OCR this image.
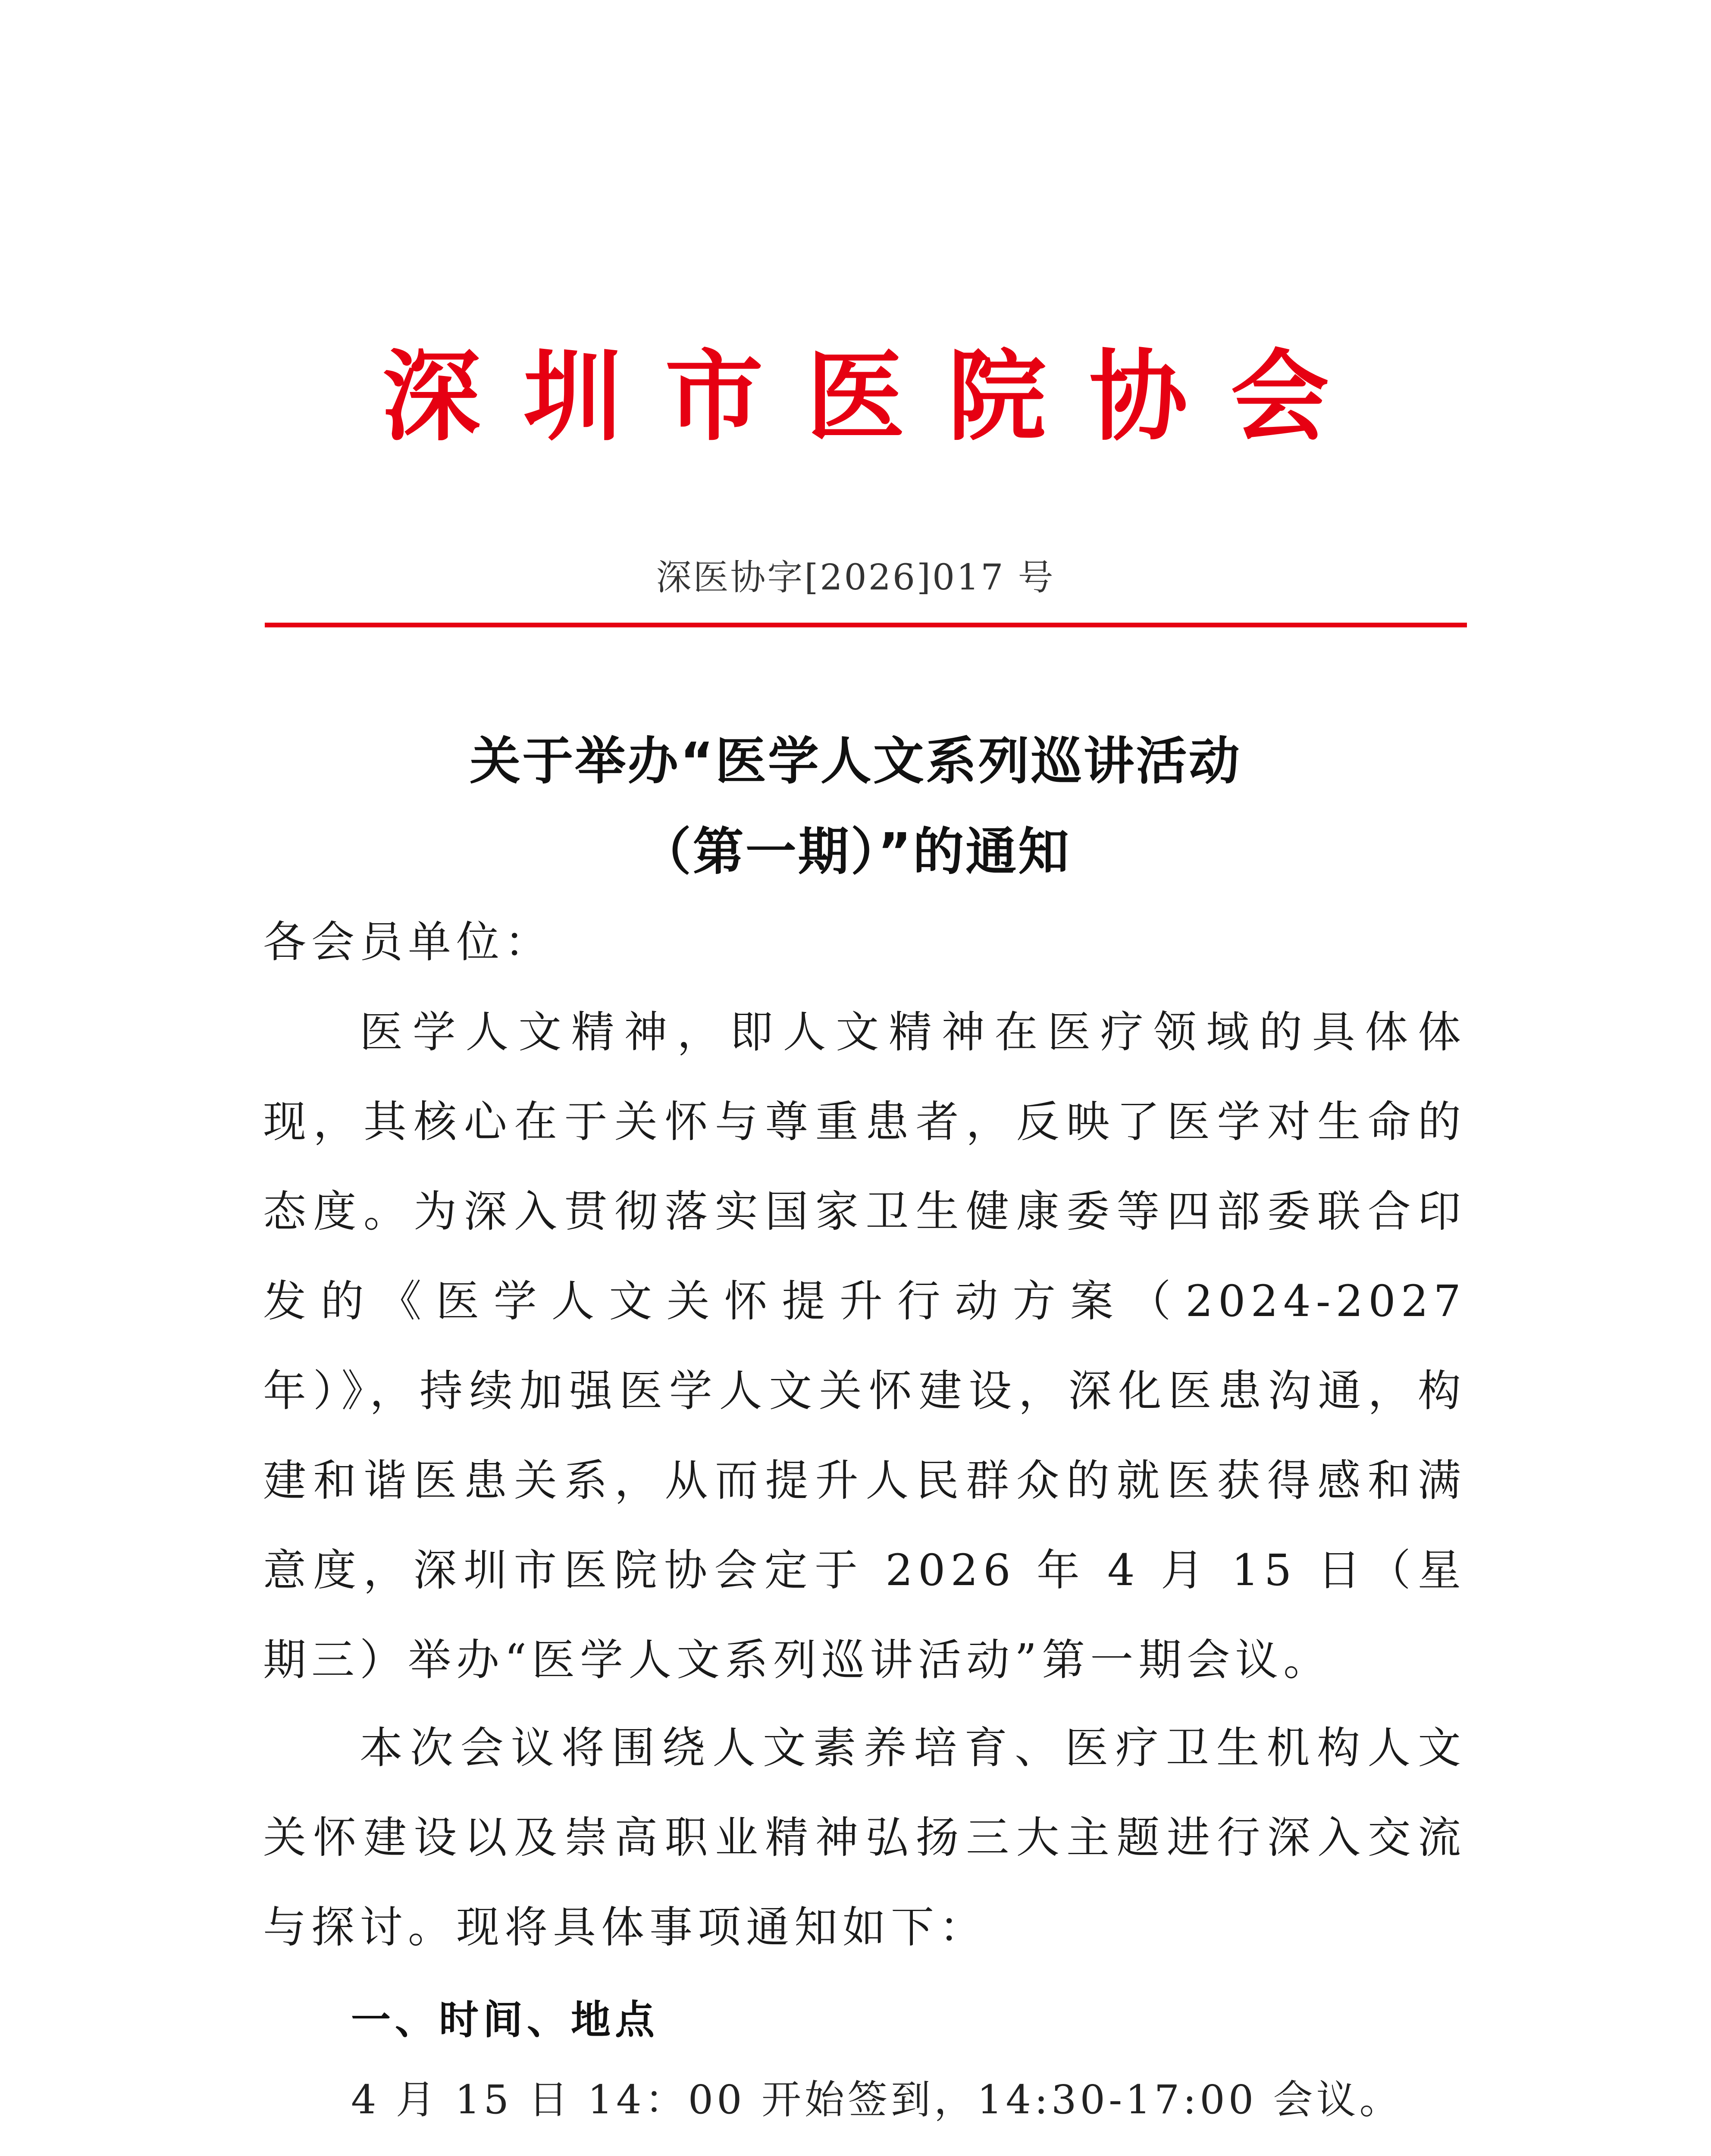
深圳市医院协会
深医协字[2026]017 号
关于举办“医学人文系列巡讲活动
（第一期）”的通知
各会员单位：
医学人文精神，即人文精神在医疗领域的具体体现，其核心在于关怀与尊重患者，反映了医学对生命的态度。为深入贯彻落实国家卫生健康委等四部委联合印发的《医学人文关怀提升行动方案（2024-2027 年）》，持续加强医学人文关怀建设，深化医患沟通，构建和谐医患关系，从而提升人民群众的就医获得感和满意度，深圳市医院协会定于 2026 年 4 月 15 日（星期三）举办“医学人文系列巡讲活动”第一期会议。
本次会议将围绕人文素养培育、医疗卫生机构人文关怀建设以及崇高职业精神弘扬三大主题进行深入交流与探讨。现将具体事项通知如下：
一、时间、地点
4 月 15 日 14：00 开始签到，14:30-17:00 会议。
